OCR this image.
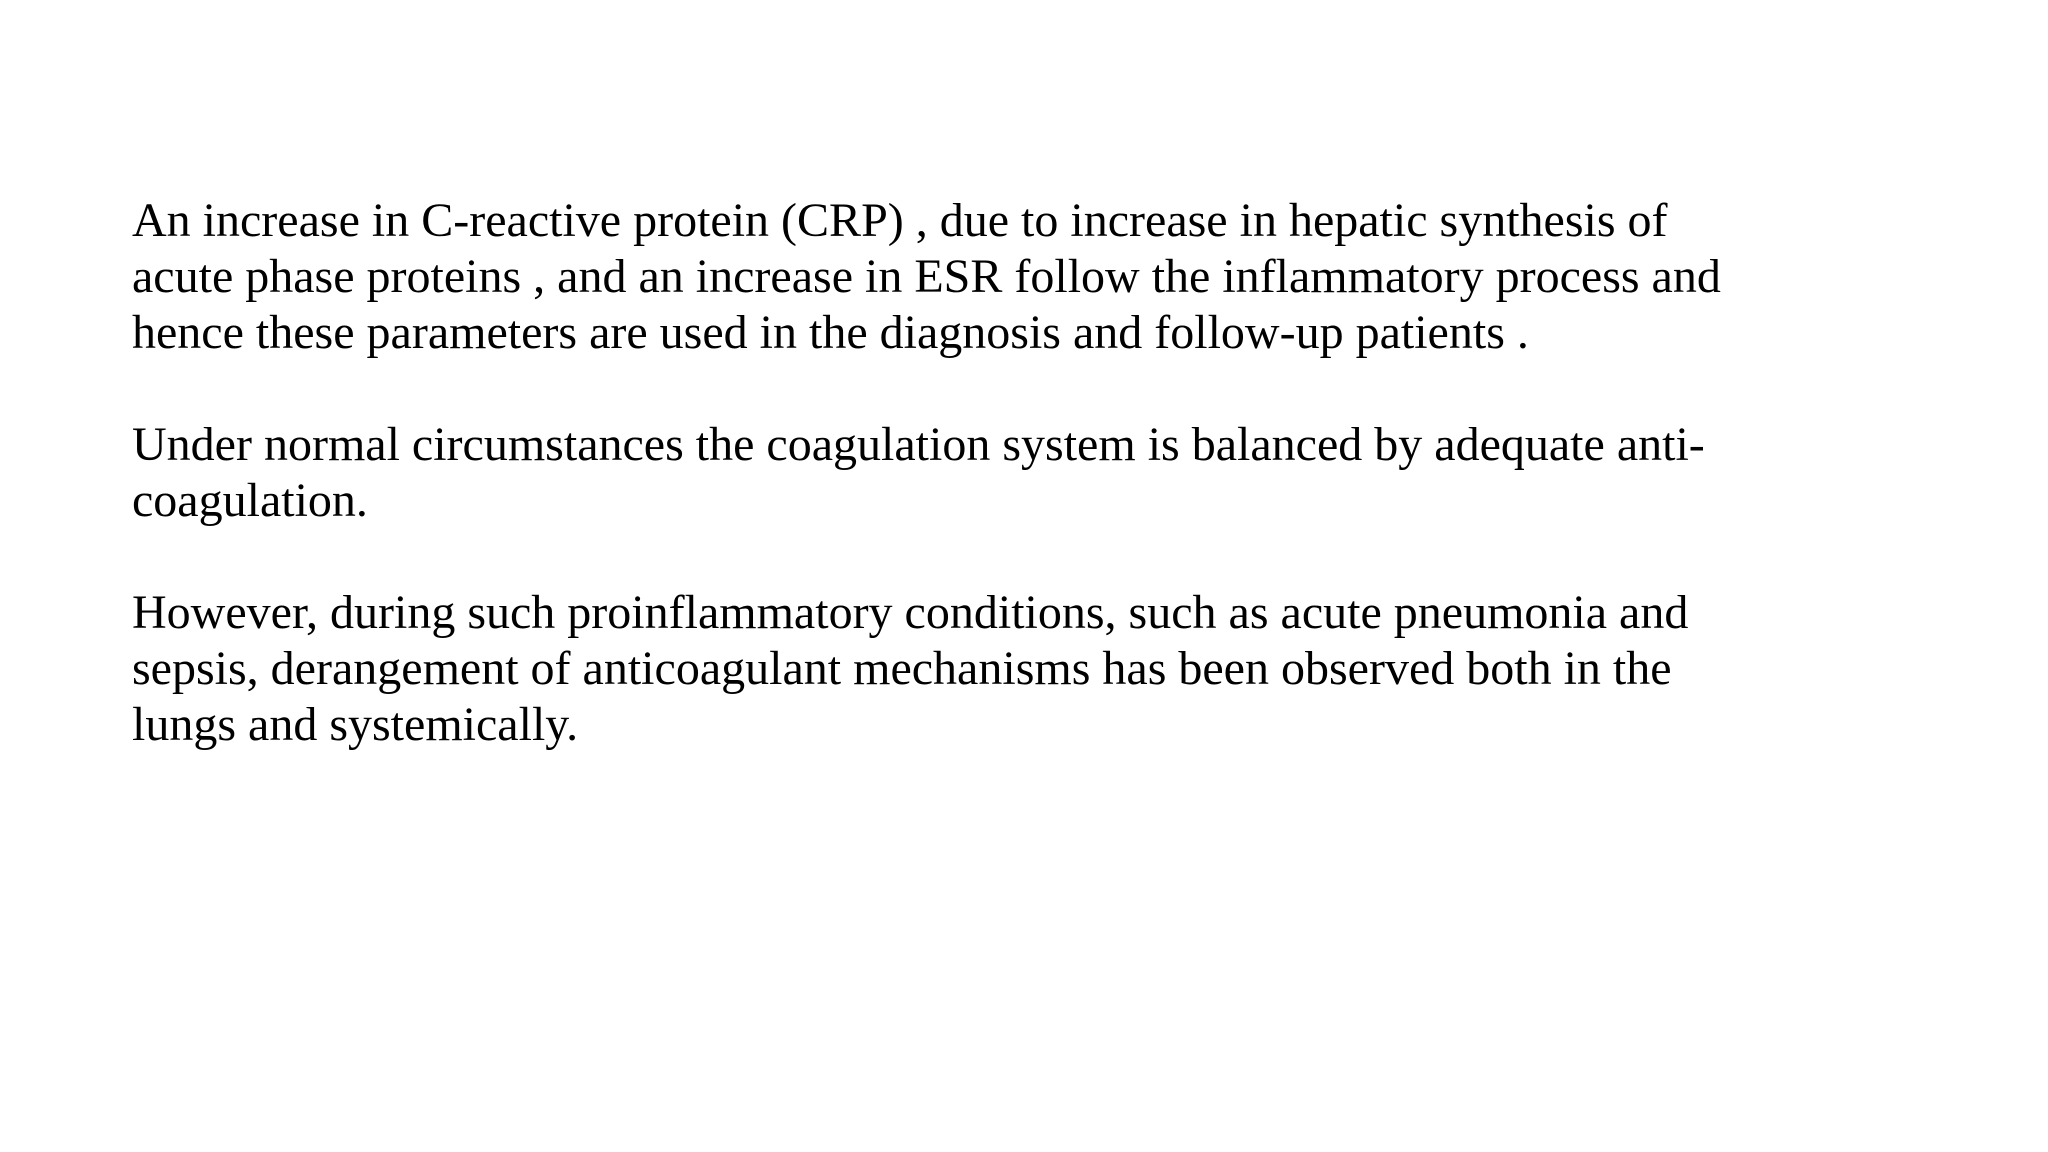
An increase in C-reactive protein (CRP) , due to increase in hepatic synthesis of
acute phase proteins , and an increase in ESR follow the inflammatory process and
hence these parameters are used in the diagnosis and follow-up patients .

Under normal circumstances the coagulation system is balanced by adequate anti-
coagulation.

However, during such proinflammatory conditions, such as acute pneumonia and
sepsis, derangement of anticoagulant mechanisms has been observed both in the
lungs and systemically.
